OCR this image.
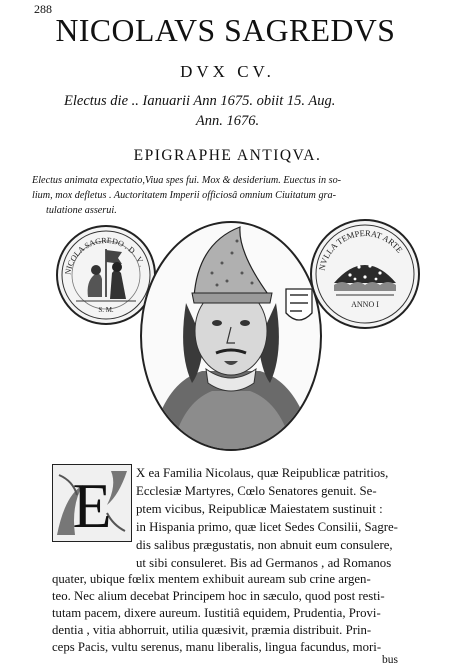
288
NICOLAVS SAGREDVS
DVX CV.
Electus die .. Ianuarii Ann 1675. obiit 15. Aug.
Ann. 1676.
EPIGRAPHE ANTIQVA.
Electus animata expectatio,Viua spes fui. Mox & desiderium. Euectus in so-
lium, mox defletus . Auctoritatem Imperii officiosâ omnium Ciuitatum gra-
tulatione asserui.
NICOLA SAGREDO . D . V .
S. M.
NVLLA TEMPERAT ARTE
ANNO I
E X ea Familia Nicolaus, quæ Reipublicæ patritios,
Ecclesiæ Martyres, Cœlo Senatores genuit. Se-
ptem vicibus, Reipublicæ Maiestatem sustinuit :
in Hispania primo, quæ licet Sedes Consilii, Sagre-
dis salibus prægustatis, non abnuit eum consulere,
ut sibi consuleret. Bis ad Germanos , ad Romanos
quater, ubique fœlix mentem exhibuit auream sub crine argen-
teo. Nec alium decebat Principem hoc in sæculo, quod post resti-
tutam pacem, dixere aureum. Iustitiâ equidem, Prudentia, Provi-
dentia , vitia abhorruit, utilia quæsivit, præmia distribuit. Prin-
ceps Pacis, vultu serenus, manu liberalis, lingua facundus, mori-
bus
